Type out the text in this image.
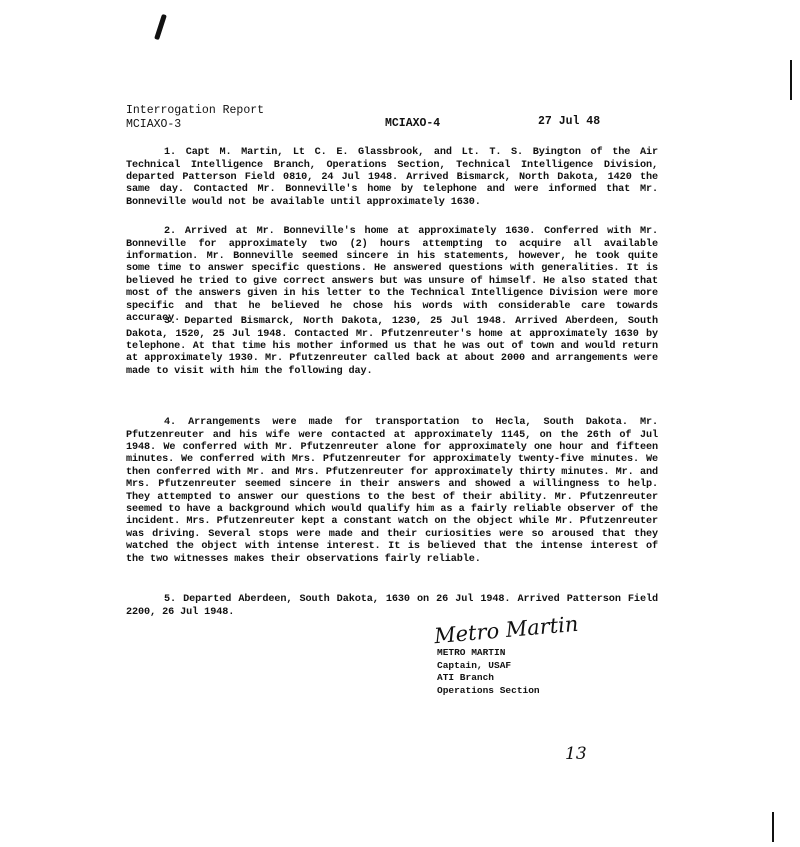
Interrogation Report
MCIAXO-3	MCIAXO-4	27 Jul 48

1. Capt M. Martin, Lt C. E. Glassbrook, and Lt. T. S. Byington of the Air Technical Intelligence Branch, Operations Section, Technical Intelligence Division, departed Patterson Field 0810, 24 Jul 1948. Arrived Bismarck, North Dakota, 1420 the same day. Contacted Mr. Bonneville's home by telephone and were informed that Mr. Bonneville would not be available until approximately 1630.

2. Arrived at Mr. Bonneville's home at approximately 1630. Conferred with Mr. Bonneville for approximately two (2) hours attempting to acquire all available information. Mr. Bonneville seemed sincere in his statements, however, he took quite some time to answer specific questions. He answered questions with generalities. It is believed he tried to give correct answers but was unsure of himself. He also stated that most of the answers given in his letter to the Technical Intelligence Division were more specific and that he believed he chose his words with considerable care towards accuracy.

3. Departed Bismarck, North Dakota, 1230, 25 Jul 1948. Arrived Aberdeen, South Dakota, 1520, 25 Jul 1948. Contacted Mr. Pfutzenreuter's home at approximately 1630 by telephone. At that time his mother informed us that he was out of town and would return at approximately 1930. Mr. Pfutzenreuter called back at about 2000 and arrangements were made to visit with him the following day.

4. Arrangements were made for transportation to Hecla, South Dakota. Mr. Pfutzenreuter and his wife were contacted at approximately 1145, on the 26th of Jul 1948. We conferred with Mr. Pfutzenreuter alone for approximately one hour and fifteen minutes. We conferred with Mrs. Pfutzenreuter for approximately twenty-five minutes. We then conferred with Mr. and Mrs. Pfutzenreuter for approximately thirty minutes. Mr. and Mrs. Pfutzenreuter seemed sincere in their answers and showed a willingness to help. They attempted to answer our questions to the best of their ability. Mr. Pfutzenreuter seemed to have a background which would qualify him as a fairly reliable observer of the incident. Mrs. Pfutzenreuter kept a constant watch on the object while Mr. Pfutzenreuter was driving. Several stops were made and their curiosities were so aroused that they watched the object with intense interest. It is believed that the intense interest of the two witnesses makes their observations fairly reliable.

5. Departed Aberdeen, South Dakota, 1630 on 26 Jul 1948. Arrived Patterson Field 2200, 26 Jul 1948.	Metro Martin
METRO MARTIN
Captain, USAF
ATI Branch
Operations Section
13
